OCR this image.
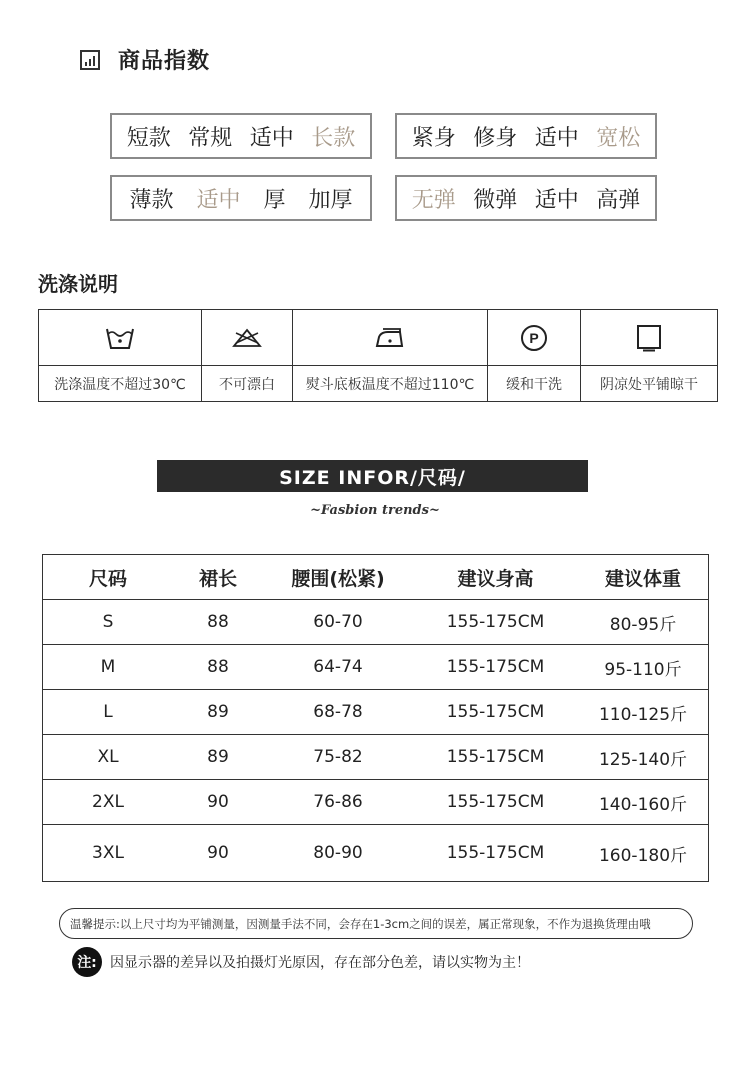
商品指数
短款 常规 适中 长款	紧身 修身 适中 宽松
薄款 适中 厚 加厚	无弹 微弹 适中 高弹
洗涤说明
P
洗涤温度不超过30℃	不可漂白	熨斗底板温度不超过110℃	缓和干洗	阴凉处平铺晾干
SIZE INFOR/尺码/
~Fasbion trends~
尺码	裙长	腰围(松紧)	建议身高	建议体重
S	88	60-70	155-175CM	80-95斤
M	88	64-74	155-175CM	95-110斤
L	89	68-78	155-175CM	110-125斤
XL	89	75-82	155-175CM	125-140斤
2XL	90	76-86	155-175CM	140-160斤
3XL	90	80-90	155-175CM	160-180斤
温馨提示:以上尺寸均为平铺测量，因测量手法不同，会存在1-3cm之间的误差，属正常现象，不作为退换货理由哦
注: 因显示器的差异以及拍摄灯光原因，存在部分色差，请以实物为主！
